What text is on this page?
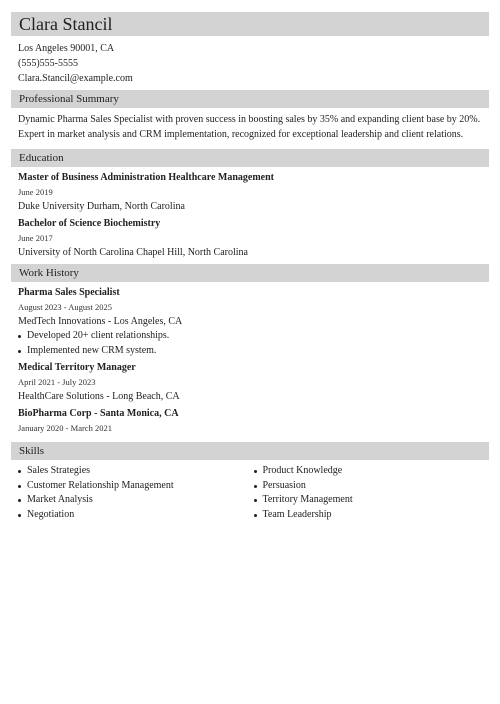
Clara Stancil
Los Angeles 90001, CA
(555)555-5555
Clara.Stancil@example.com
Professional Summary

Dynamic Pharma Sales Specialist with proven success in boosting sales by 35% and expanding client base by 20%. Expert in market analysis and CRM implementation, recognized for exceptional leadership and client relations.

Education
Master of Business Administration Healthcare Management
June 2019
Duke University Durham, North Carolina
Bachelor of Science Biochemistry
June 2017
University of North Carolina Chapel Hill, North Carolina
Work History
Pharma Sales Specialist
August 2023 - August 2025
MedTech Innovations - Los Angeles, CA
Developed 20+ client relationships.
Implemented new CRM system.
Medical Territory Manager
April 2021 - July 2023
HealthCare Solutions - Long Beach, CA
BioPharma Corp - Santa Monica, CA
January 2020 - March 2021
Skills
Sales Strategies
Customer Relationship Management
Market Analysis
Negotiation
Product Knowledge
Persuasion
Territory Management
Team Leadership
